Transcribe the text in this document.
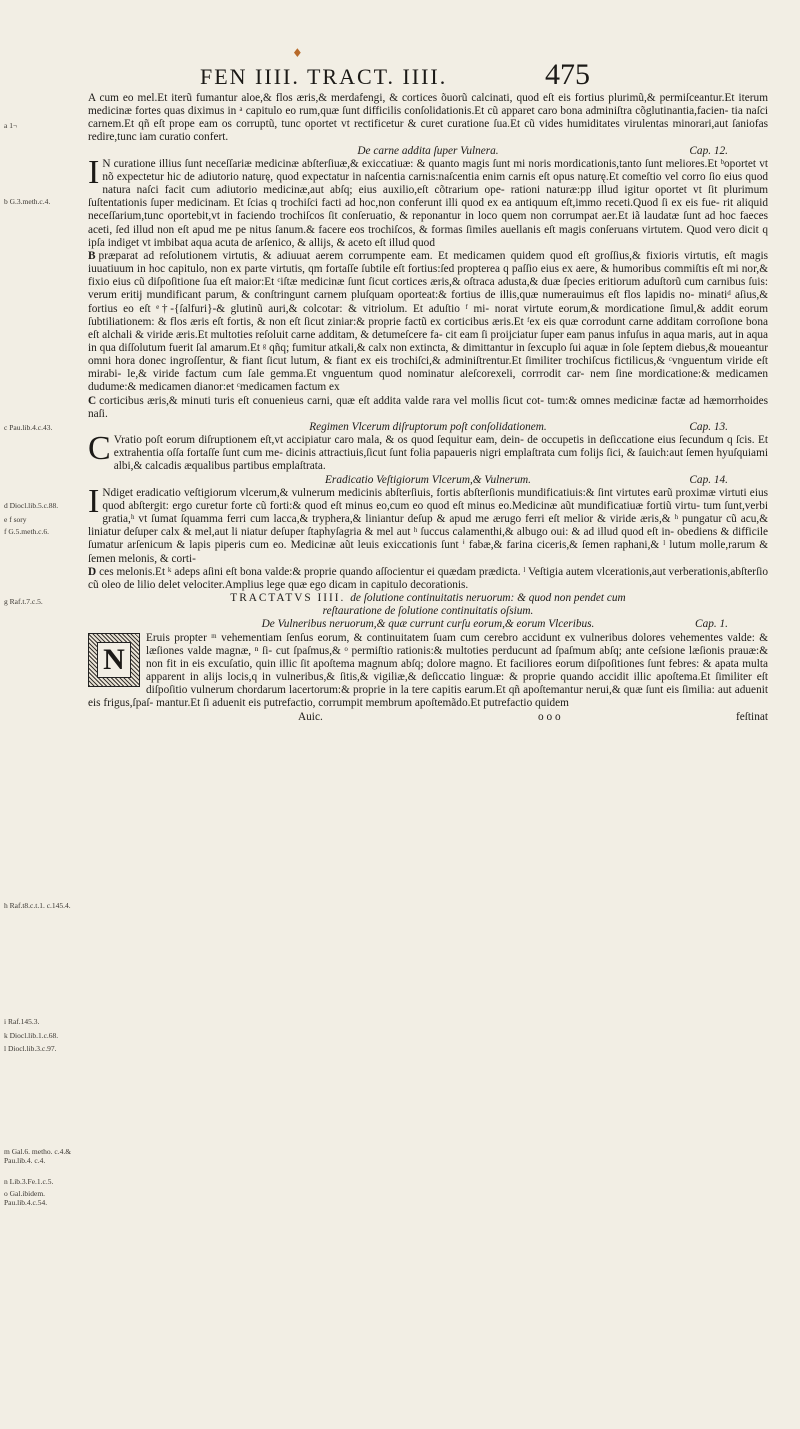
♦
FEN IIII. TRACT. IIII.	475
a 1¬
b G.3.meth.c.4.
c Pau.lib.4.c.43.
d Diocl.lib.5.c.88.
e f sory
f G.5.meth.c.6.
g Raf.t.7.c.5.
h Raf.t8.c.t.1. c.145.4.
i Raf.145.3.
k Diocl.lib.1.c.68.
l Diocl.lib.3.c.97.
m Gal.6. metho. c.4.& Pau.lib.4. c.4.
n Lib.3.Fe.1.c.5.
o Gal.ibidem. Pau.lib.4.c.54.

A cum eo mel.Et iterũ fumantur aloe,& flos æris,& merdafengi, & cortices õuorũ calcinati, quod eſt eis fortius plurimũ,& permiſceantur.Et iterum medicinæ fortes quas diximus in ᵃ capitulo eo rum,quæ ſunt difficilis conſolidationis.Et cũ apparet caro bona adminiſtra cõglutinantia,facien- tia naſci carnem.Et qñ eſt prope eam os corruptũ, tunc oportet vt rectificetur & curet curatione ſua.Et cũ vides humiditates virulentas minorari,aut ſaniofas redire,tunc iam curatio confert.

De carne addita ſuper Vulnera.	Cap. 12.

I N curatione illius ſunt neceſſariæ medicinæ abſterſiuæ,& exiccatiuæ: & quanto magis ſunt mi noris mordicationis,tanto ſunt meliores.Et ᵇoportet vt nõ expectetur hic de adiutorio naturę, quod expectatur in naſcentia carnis:naſcentia enim carnis eſt opus naturę.Et comeſtio vel corro ſio eius quod natura naſci facit cum adiutorio medicinæ,aut abſq; eius auxilio,eſt cõtrarium ope- rationi naturæ:pp illud igitur oportet vt ſit plurimum ſuſtentationis ſuper medicinam. Et ſcias q trochiſci facti ad hoc,non conferunt illi quod ex ea antiquum eſt,immo receti.Quod ſi ex eis fue- rit aliquid neceſſarium,tunc oportebit,vt in faciendo trochiſcos ſit conſeruatio, & reponantur in loco quem non corrumpat aer.Et iã laudatæ ſunt ad hoc faeces aceti, ſed illud non eſt apud me pe nitus ſanum.& facere eos trochiſcos, & formas ſimiles auellanis eſt magis conſeruans virtutem. Quod vero dicit q ipſa indiget vt imbibat aqua acuta de arſenico, & allijs, & aceto eſt illud quod

B præparat ad reſolutionem virtutis, & adiuuat aerem corrumpente eam. Et medicamen quidem quod eſt groſſius,& fixioris virtutis, eſt magis iuuatiuum in hoc capitulo, non ex parte virtutis, qm fortaſſe ſubtile eſt fortius:ſed propterea q paſſio eius ex aere, & humoribus commiſtis eſt mi nor,& fixio eius cũ diſpoſitione ſua eſt maior:Et ᶜiſtæ medicinæ ſunt ſicut cortices æris,& oſtraca adusta,& duæ ſpecies eritiorum aduſtorũ cum carnibus ſuis: verum eritij mundificant parum, & conſtringunt carnem pluſquam oporteat:& fortius de illis,quæ numerauimus eſt flos lapidis no- minatiᵈ aſius,& fortius eo eſt ᵉ†-{ſalfuri}-& glutinũ auri,& colcotar: & vitriolum. Et aduſtio ᶠ mi- norat virtute eorum,& mordicatione ſimul,& addit eorum ſubtiliationem: & flos æris eſt fortis, & non eſt ſicut ziniar:& proprie factũ ex corticibus æris.Et ᶠex eis quæ corrodunt carne additam corroſione bona eſt alchali & viride æris.Et multoties reſoluit carne additam, & detumeſcere fa- cit eam ſi proijciatur ſuper eam panus infuſus in aqua maris, aut in aqua in qua diſſolutum fuerit ſal amarum.Et ᵍ qñq; fumitur atkali,& calx non extincta, & dimittantur in ſexcuplo ſui aquæ in ſole ſeptem diebus,& moueantur omni hora donec ingroſſentur, & fiant ſicut lutum, & fiant ex eis trochiſci,& adminiſtrentur.Et ſimiliter trochiſcus fictilicus,& ᶜvnguentum viride eſt mirabi- le,& viride factum cum ſale gemma.Et vnguentum quod nominatur aleſcorexeli, corrrodit car- nem ſine mordicatione:& medicamen dudume:& medicamen dianor:et ᶜmedicamen factum ex

C corticibus æris,& minuti turis eſt conuenieus carni, quæ eſt addita valde rara vel mollis ſicut cot- tum:& omnes medicinæ factæ ad hæmorrhoides naſi.

Regimen Vlcerum diſruptorum poſt conſolidationem.	Cap. 13.

C Vratio poſt eorum diſruptionem eſt,vt accipiatur caro mala, & os quod ſequitur eam, dein- de occupetis in deſiccatione eius ſecundum q ſcis. Et extrahentia oſſa fortaſſe ſunt cum me- dicinis attractiuis,ſicut ſunt folia papaueris nigri emplaſtrata cum folijs ſici, & ſauich:aut ſemen hyuſquiami albi,& calcadis æqualibus partibus emplaſtrata.

Eradicatio Veſtigiorum Vlcerum,& Vulnerum.	Cap. 14.

I Ndiget eradicatio veſtigiorum vlcerum,& vulnerum medicinis abſterſiuis, fortis abſterſionis mundificatiuis:& ſint virtutes earũ proximæ virtuti eius quod abſtergit: ergo curetur forte cũ forti:& quod eſt minus eo,cum eo quod eſt minus eo.Medicinæ aũt mundificatiuæ fortiũ virtu- tum ſunt,verbi gratia,ʰ vt ſumat ſquamma ferri cum lacca,& tryphera,& liniantur deſup & apud me ærugo ferri eſt melior & viride æris,& ʰ pungatur cũ acu,& liniatur deſuper calx & mel,aut li niatur deſuper ſtaphyſagria & mel aut ʰ ſuccus calamenthi,& albugo oui: & ad illud quod eſt in- obediens & difficile ſumatur arſenicum & lapis piperis cum eo. Medicinæ aũt leuis exiccationis ſunt ⁱ fabæ,& farina ciceris,& ſemen raphani,& ˡ lutum molle,rarum & ſemen melonis, & corti-

D ces melonis.Et ᵏ adeps aſini eſt bona valde:& proprie quando aſſocientur ei quædam prædicta. ˡ Veſtigia autem vlcerationis,aut verberationis,abſterſio cũ oleo de lilio delet velociter.Amplius lege quæ ego dicam in capitulo decorationis.

TRACTATVS IIII. de ſolutione continuitatis neruorum: & quod non pendet cum

reſtauratione de ſolutione continuitatis oſsium.

De Vulneribus neruorum,& quæ currunt curſu eorum,& eorum Vlceribus.	Cap. 1.

N
Eruis propter ᵐ vehementiam ſenſus eorum, & continuitatem ſuam cum cerebro accidunt ex vulneribus dolores vehementes valde: & læſiones valde magnæ, ⁿ ſi- cut ſpaſmus,& ᵒ permiſtio rationis:& multoties perducunt ad ſpaſmum abſq; ante ceſsione læſionis prauæ:& non fit in eis excuſatio, quin illic ſit apoſtema magnum abſq; dolore magno. Et faciliores eorum diſpoſitiones ſunt febres: & apata multa apparent in alijs locis,q in vulneribus,& ſitis,& vigiliæ,& deſiccatio linguæ: & proprie quando accidit illic apoſtema.Et ſimiliter eſt diſpoſitio vulnerum chordarum lacertorum:& proprie in la tere capitis earum.Et qñ apoſtemantur nerui,& quæ ſunt eis ſimilia: aut aduenit eis frigus,ſpaſ- mantur.Et ſi aduenit eis putrefactio, corrumpit membrum apoſtemãdo.Et putrefactio quidem

Auic.	o o o	feſtinat
